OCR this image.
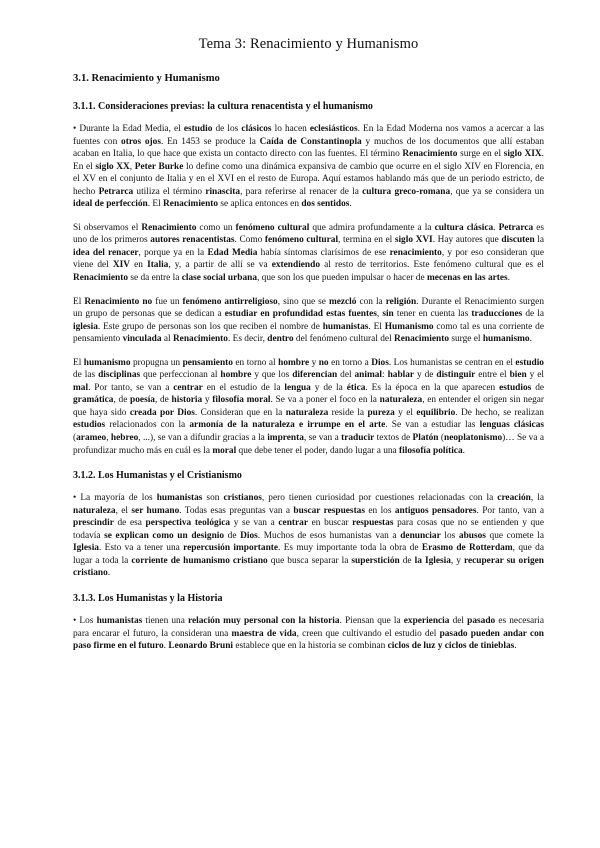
Tema 3: Renacimiento y Humanismo
3.1. Renacimiento y Humanismo
3.1.1. Consideraciones previas: la cultura renacentista y el humanismo

• Durante la Edad Media, el estudio de los clásicos lo hacen eclesiásticos. En la Edad Moderna nos vamos a acercar a las fuentes con otros ojos. En 1453 se produce la Caída de Constantinopla y muchos de los documentos que allí estaban acaban en Italia, lo que hace que exista un contacto directo con las fuentes. El término Renacimiento surge en el siglo XIX. En el siglo XX, Peter Burke lo define como una dinámica expansiva de cambio que ocurre en el siglo XIV en Florencia, en el XV en el conjunto de Italia y en el XVI en el resto de Europa. Aquí estamos hablando más que de un periodo estricto, de hecho Petrarca utiliza el término rinascita, para referirse al renacer de la cultura greco-romana, que ya se considera un ideal de perfección. El Renacimiento se aplica entonces en dos sentidos.

Si observamos el Renacimiento como un fenómeno cultural que admira profundamente a la cultura clásica. Petrarca es uno de los primeros autores renacentistas. Como fenómeno cultural, termina en el siglo XVI. Hay autores que discuten la idea del renacer, porque ya en la Edad Media había síntomas clarísimos de ese renacimiento, y por eso consideran que viene del XIV en Italia, y, a partir de allí se va extendiendo al resto de territorios. Este fenómeno cultural que es el Renacimiento se da entre la clase social urbana, que son los que pueden impulsar o hacer de mecenas en las artes.

El Renacimiento no fue un fenómeno antirreligioso, sino que se mezcló con la religión. Durante el Renacimiento surgen un grupo de personas que se dedican a estudiar en profundidad estas fuentes, sin tener en cuenta las traducciones de la iglesia. Este grupo de personas son los que reciben el nombre de humanistas. El Humanismo como tal es una corriente de pensamiento vinculada al Renacimiento. Es decir, dentro del fenómeno cultural del Renacimiento surge el humanismo.

El humanismo propugna un pensamiento en torno al hombre y no en torno a Dios. Los humanistas se centran en el estudio de las disciplinas que perfeccionan al hombre y que los diferencian del animal: hablar y de distinguir entre el bien y el mal. Por tanto, se van a centrar en el estudio de la lengua y de la ética. Es la época en la que aparecen estudios de gramática, de poesía, de historia y filosofía moral. Se va a poner el foco en la naturaleza, en entender el origen sin negar que haya sido creada por Dios. Consideran que en la naturaleza reside la pureza y el equilibrio. De hecho, se realizan estudios relacionados con la armonía de la naturaleza e irrumpe en el arte. Se van a estudiar las lenguas clásicas (arameo, hebreo, ...), se van a difundir gracias a la imprenta, se van a traducir textos de Platón (neoplatonismo)… Se va a profundizar mucho más en cuál es la moral que debe tener el poder, dando lugar a una filosofía política.

3.1.2. Los Humanistas y el Cristianismo

• La mayoría de los humanistas son cristianos, pero tienen curiosidad por cuestiones relacionadas con la creación, la naturaleza, el ser humano. Todas esas preguntas van a buscar respuestas en los antiguos pensadores. Por tanto, van a prescindir de esa perspectiva teológica y se van a centrar en buscar respuestas para cosas que no se entienden y que todavía se explican como un designio de Dios. Muchos de esos humanistas van a denunciar los abusos que comete la Iglesia. Esto va a tener una repercusión importante. Es muy importante toda la obra de Erasmo de Rotterdam, que da lugar a toda la corriente de humanismo cristiano que busca separar la superstición de la Iglesia, y recuperar su origen cristiano.

3.1.3. Los Humanistas y la Historia

• Los humanistas tienen una relación muy personal con la historia. Piensan que la experiencia del pasado es necesaria para encarar el futuro, la consideran una maestra de vida, creen que cultivando el estudio del pasado pueden andar con paso firme en el futuro. Leonardo Bruni establece que en la historia se combinan ciclos de luz y ciclos de tinieblas.
